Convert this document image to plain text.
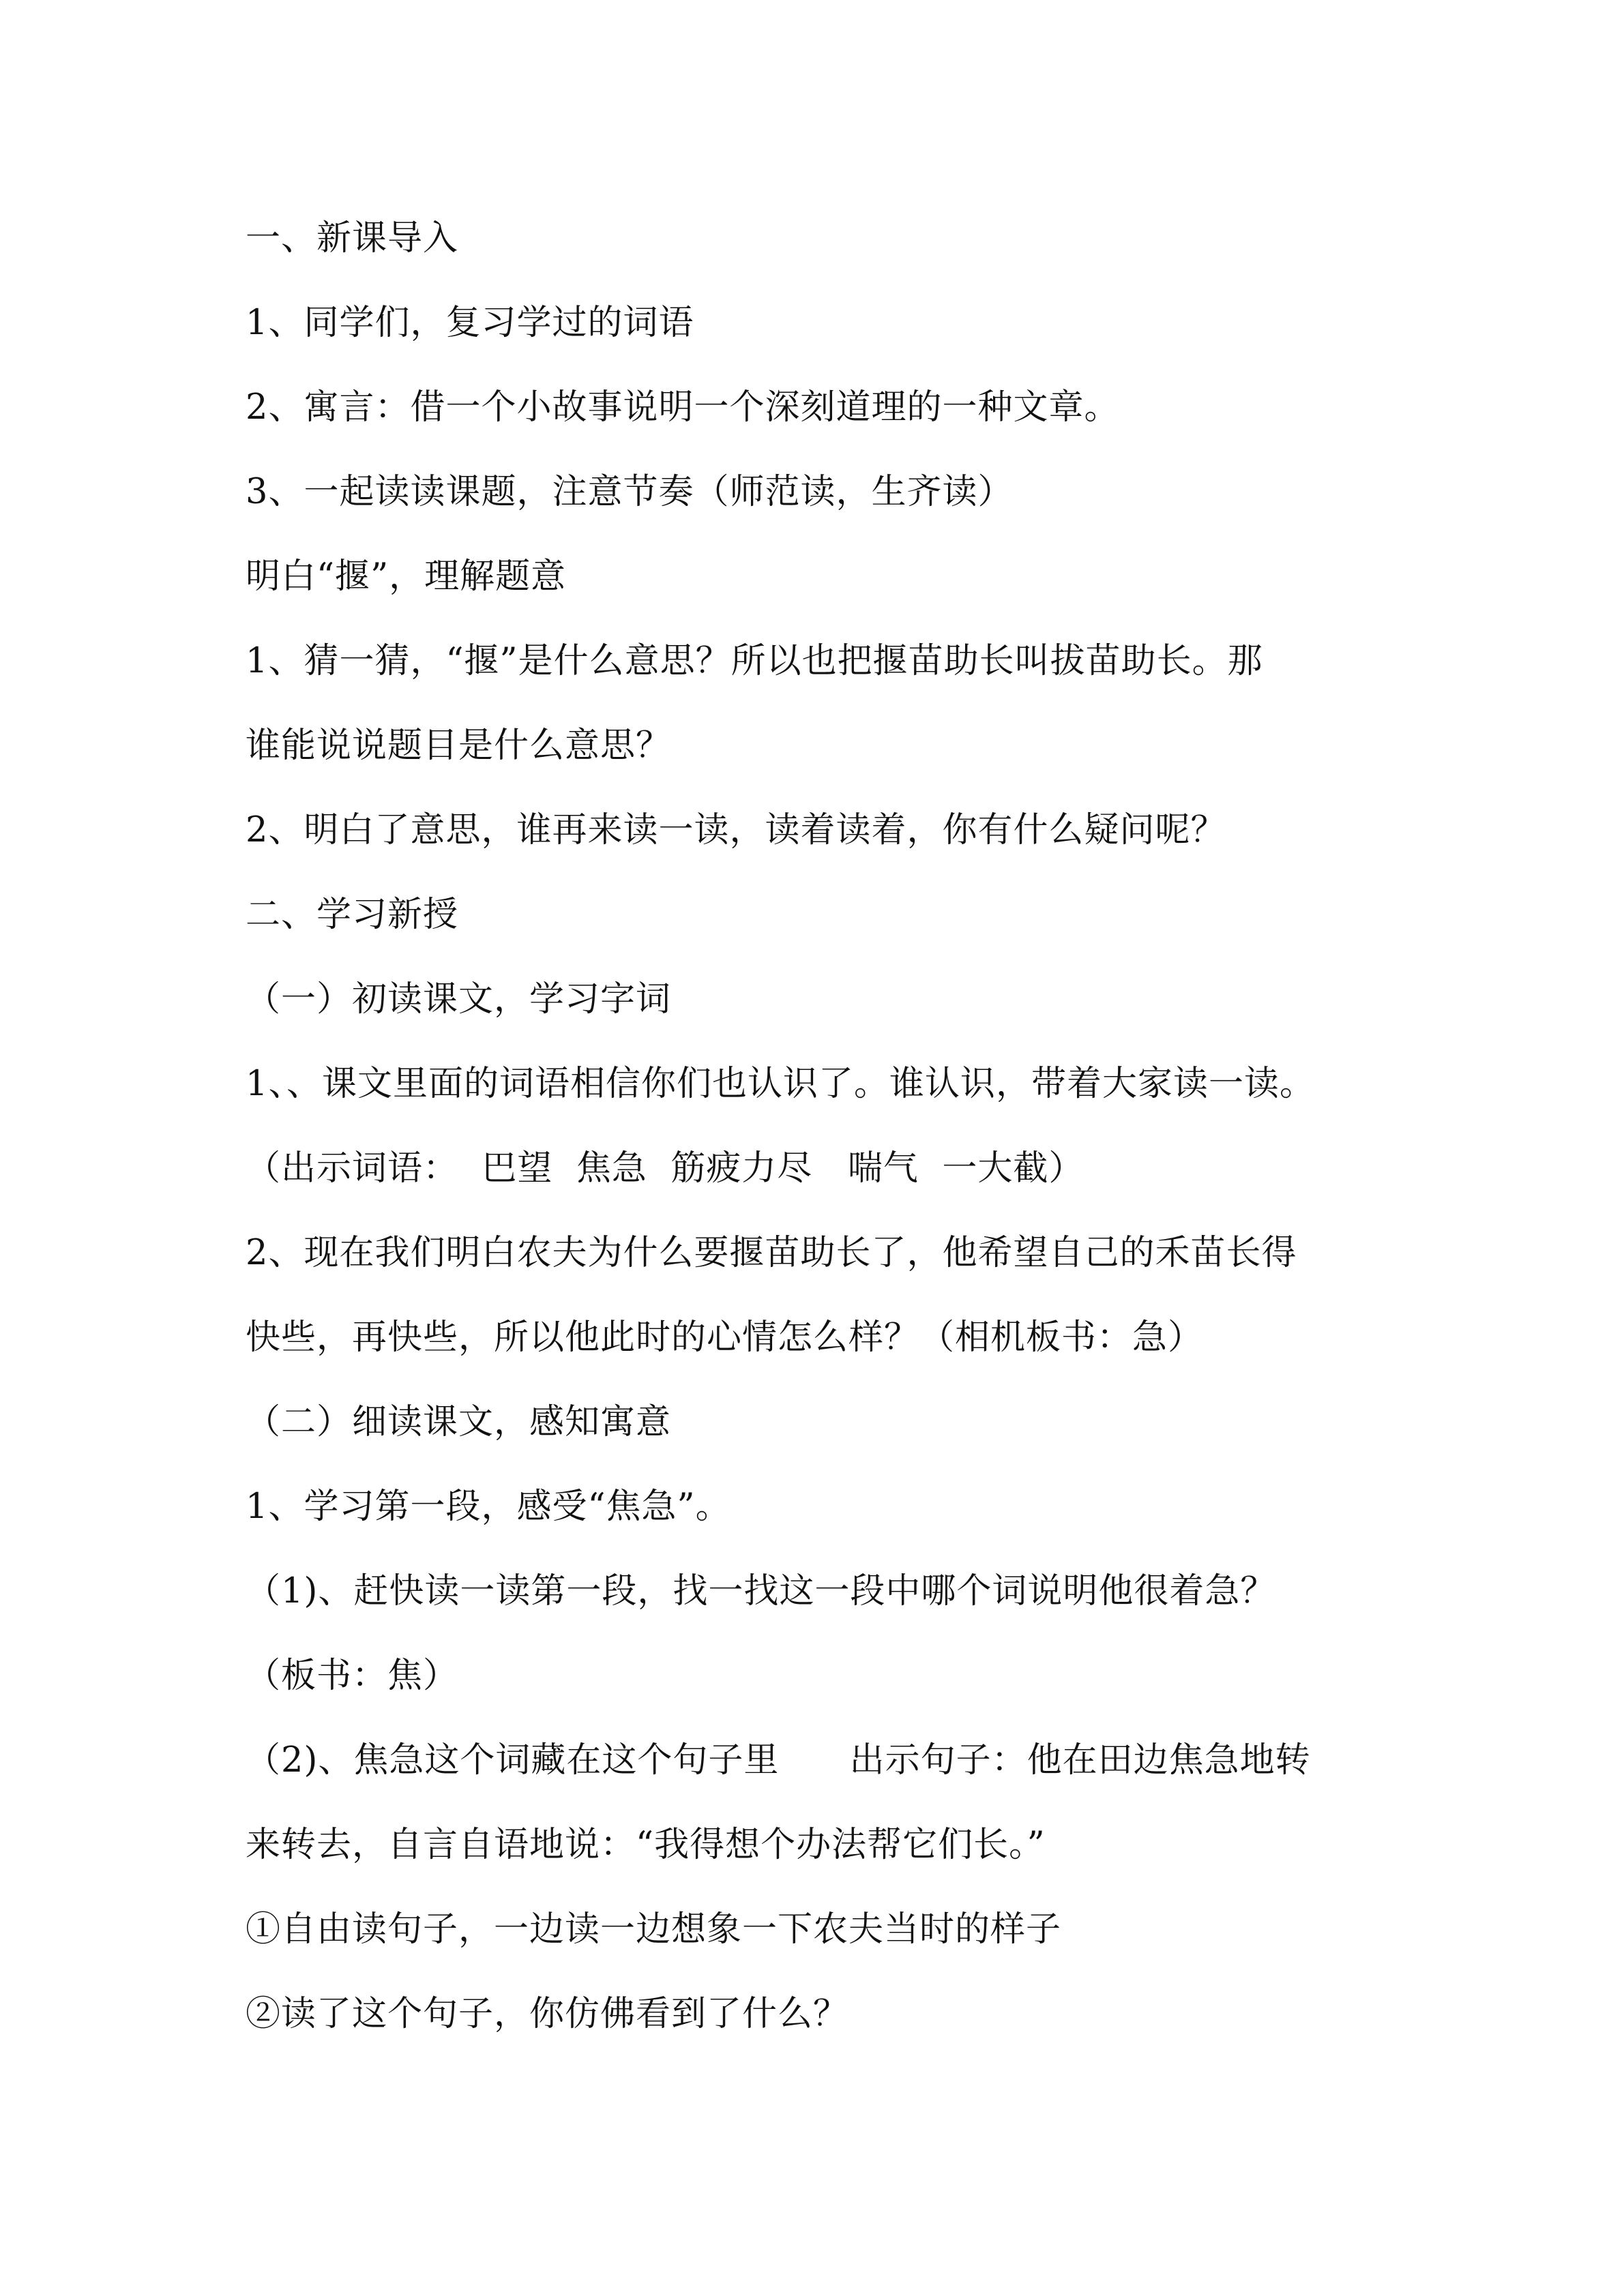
一、新课导入
1、同学们，复习学过的词语
2、寓言：借一个小故事说明一个深刻道理的一种文章。
3、一起读读课题，注意节奏（师范读，生齐读）
明白“揠”，理解题意
1、猜一猜，“揠”是什么意思？所以也把揠苗助长叫拔苗助长。那
谁能说说题目是什么意思？
2、明白了意思，谁再来读一读，读着读着，你有什么疑问呢？
二、学习新授
（一）初读课文，学习字词
1、、课文里面的词语相信你们也认识了。谁认识，带着大家读一读。
（出示词语：  巴望  焦急  筋疲力尽   喘气  一大截）
2、现在我们明白农夫为什么要揠苗助长了，他希望自己的禾苗长得
快些，再快些，所以他此时的心情怎么样？（相机板书：急）
（二）细读课文，感知寓意
1、学习第一段，感受“焦急”。
（1)、赶快读一读第一段，找一找这一段中哪个词说明他很着急？
（板书：焦）
（2)、焦急这个词藏在这个句子里      出示句子：他在田边焦急地转
来转去，自言自语地说：“我得想个办法帮它们长。”
①自由读句子，一边读一边想象一下农夫当时的样子
②读了这个句子，你仿佛看到了什么？
